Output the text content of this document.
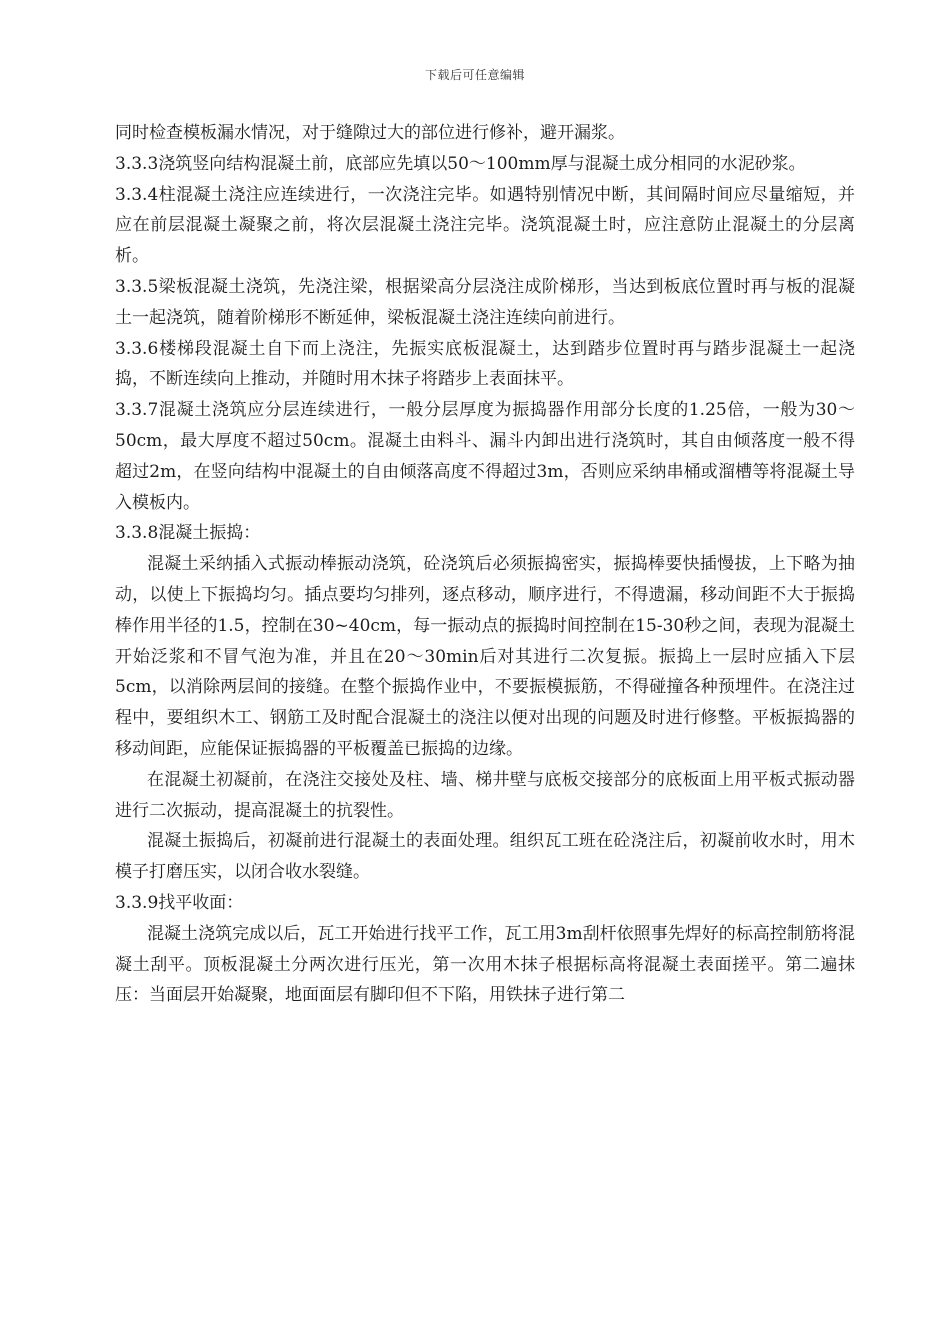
下载后可任意编辑

同时检查模板漏水情况，对于缝隙过大的部位进行修补，避开漏浆。

3.3.3浇筑竖向结构混凝土前，底部应先填以50～100mm厚与混凝土成分相同的水泥砂浆。

3.3.4柱混凝土浇注应连续进行，一次浇注完毕。如遇特别情况中断，其间隔时间应尽量缩短，并应在前层混凝土凝聚之前，将次层混凝土浇注完毕。浇筑混凝土时，应注意防止混凝土的分层离析。

3.3.5梁板混凝土浇筑，先浇注梁，根据梁高分层浇注成阶梯形，当达到板底位置时再与板的混凝土一起浇筑，随着阶梯形不断延伸，梁板混凝土浇注连续向前进行。

3.3.6楼梯段混凝土自下而上浇注，先振实底板混凝土，达到踏步位置时再与踏步混凝土一起浇捣，不断连续向上推动，并随时用木抹子将踏步上表面抹平。

3.3.7混凝土浇筑应分层连续进行，一般分层厚度为振捣器作用部分长度的1.25倍，一般为30～50cm，最大厚度不超过50cm。混凝土由料斗、漏斗内卸出进行浇筑时，其自由倾落度一般不得超过2m，在竖向结构中混凝土的自由倾落高度不得超过3m，否则应采纳串桶或溜槽等将混凝土导入模板内。

3.3.8混凝土振捣：

混凝土采纳插入式振动棒振动浇筑，砼浇筑后必须振捣密实，振捣棒要快插慢拔，上下略为抽动，以使上下振捣均匀。插点要均匀排列，逐点移动，顺序进行，不得遗漏，移动间距不大于振捣棒作用半径的1.5，控制在30~40cm，每一振动点的振捣时间控制在15-30秒之间，表现为混凝土开始泛浆和不冒气泡为准，并且在20～30min后对其进行二次复振。振捣上一层时应插入下层5cm，以消除两层间的接缝。在整个振捣作业中，不要振模振筋，不得碰撞各种预埋件。在浇注过程中，要组织木工、钢筋工及时配合混凝土的浇注以便对出现的问题及时进行修整。平板振捣器的移动间距，应能保证振捣器的平板覆盖已振捣的边缘。

在混凝土初凝前，在浇注交接处及柱、墙、梯井壁与底板交接部分的底板面上用平板式振动器进行二次振动，提高混凝土的抗裂性。

混凝土振捣后，初凝前进行混凝土的表面处理。组织瓦工班在砼浇注后，初凝前收水时，用木模子打磨压实，以闭合收水裂缝。

3.3.9找平收面：

混凝土浇筑完成以后，瓦工开始进行找平工作，瓦工用3m刮杆依照事先焊好的标高控制筋将混凝土刮平。顶板混凝土分两次进行压光，第一次用木抹子根据标高将混凝土表面搓平。第二遍抹压：当面层开始凝聚，地面面层有脚印但不下陷，用铁抹子进行第二
